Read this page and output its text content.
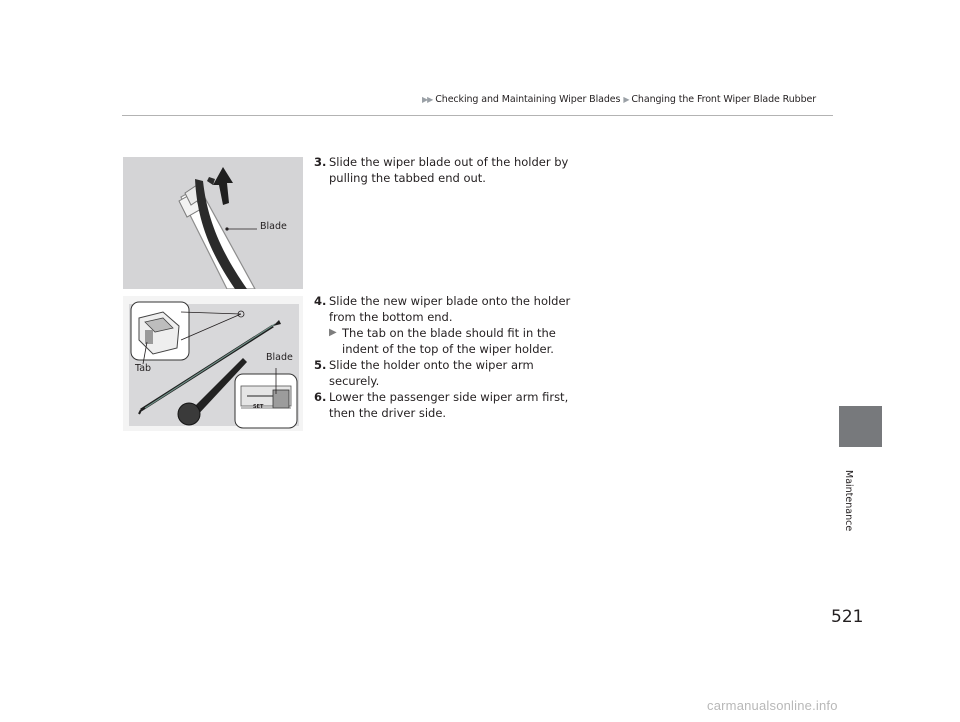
▶▶ Checking and Maintaining Wiper Blades ▶ Changing the Front Wiper Blade Rubber
Blade
Blade
Tab
SET
3. Slide the wiper blade out of the holder by pulling the tabbed end out.
4. Slide the new wiper blade onto the holder from the bottom end.
▶ The tab on the blade should fit in the indent of the top of the wiper holder.
5. Slide the holder onto the wiper arm securely.
6. Lower the passenger side wiper arm first, then the driver side.
Maintenance
521
carmanualsonline.info
